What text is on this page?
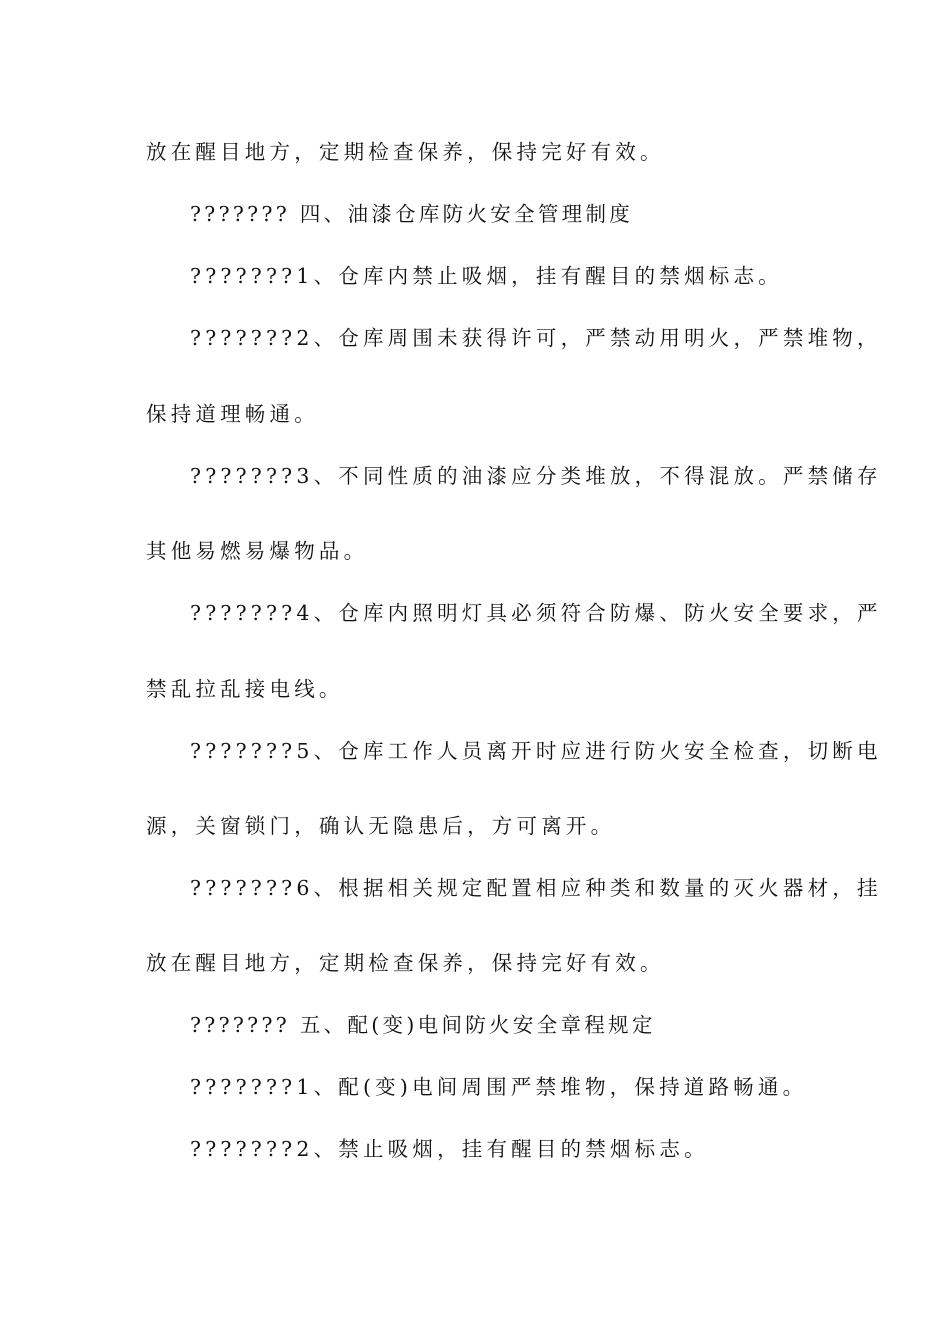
放在醒目地方，定期检查保养，保持完好有效。
??????? 四、油漆仓库防火安全管理制度
???????1、仓库内禁止吸烟，挂有醒目的禁烟标志。
???????2、仓库周围未获得许可，严禁动用明火，严禁堆物，
保持道理畅通。
???????3、不同性质的油漆应分类堆放，不得混放。严禁储存
其他易燃易爆物品。
???????4、仓库内照明灯具必须符合防爆、防火安全要求，严
禁乱拉乱接电线。
???????5、仓库工作人员离开时应进行防火安全检查，切断电
源，关窗锁门，确认无隐患后，方可离开。
???????6、根据相关规定配置相应种类和数量的灭火器材，挂
放在醒目地方，定期检查保养，保持完好有效。
??????? 五、配(变)电间防火安全章程规定
???????1、配(变)电间周围严禁堆物，保持道路畅通。
???????2、禁止吸烟，挂有醒目的禁烟标志。
